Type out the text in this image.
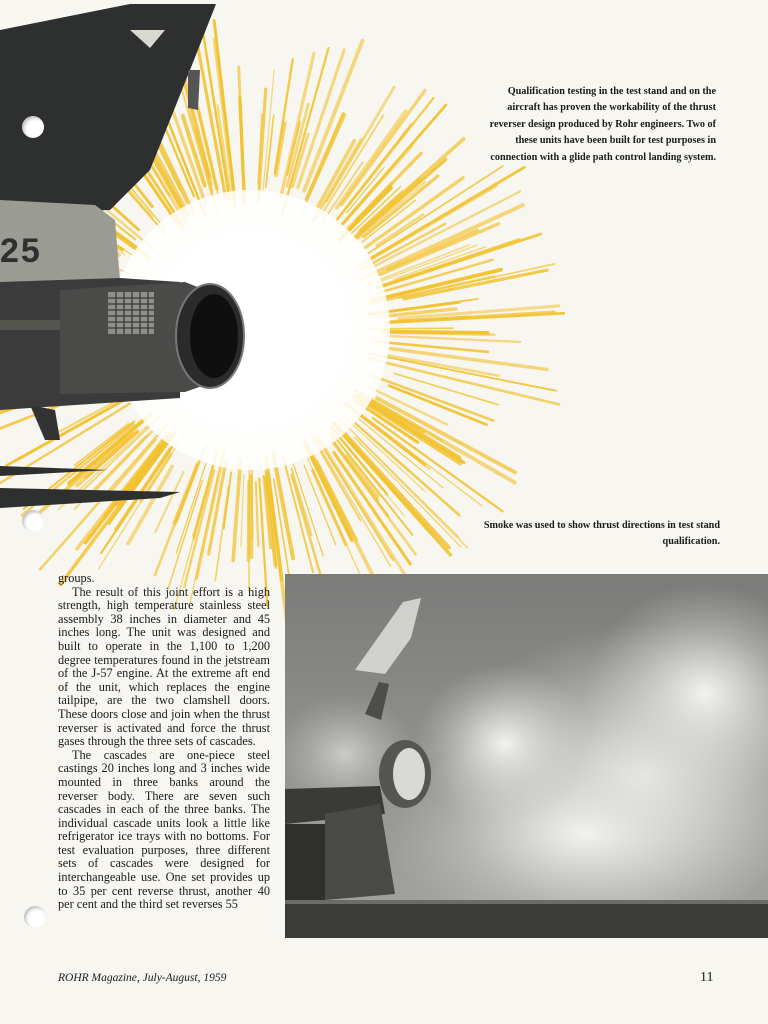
25
Qualification testing in the test stand and on the aircraft has proven the workability of the thrust reverser design produced by Rohr engineers. Two of these units have been built for test purposes in connection with a glide path control landing system.
Smoke was used to show thrust directions in test stand qualification.

groups.

The result of this joint effort is a high strength, high temperature stainless steel assembly 38 inches in diameter and 45 inches long. The unit was designed and built to operate in the 1,100 to 1,200 degree temperatures found in the jetstream of the J-57 engine. At the extreme aft end of the unit, which replaces the engine tailpipe, are the two clamshell doors. These doors close and join when the thrust reverser is activated and force the thrust gases through the three sets of cascades.

The cascades are one-piece steel castings 20 inches long and 3 inches wide mounted in three banks around the reverser body. There are seven such cascades in each of the three banks. The individual cascade units look a little like refrigerator ice trays with no bottoms. For test evaluation purposes, three different sets of cascades were designed for interchangeable use. One set provides up to 35 per cent reverse thrust, another 40 per cent and the third set reverses 55

ROHR Magazine, July-August, 1959	11
